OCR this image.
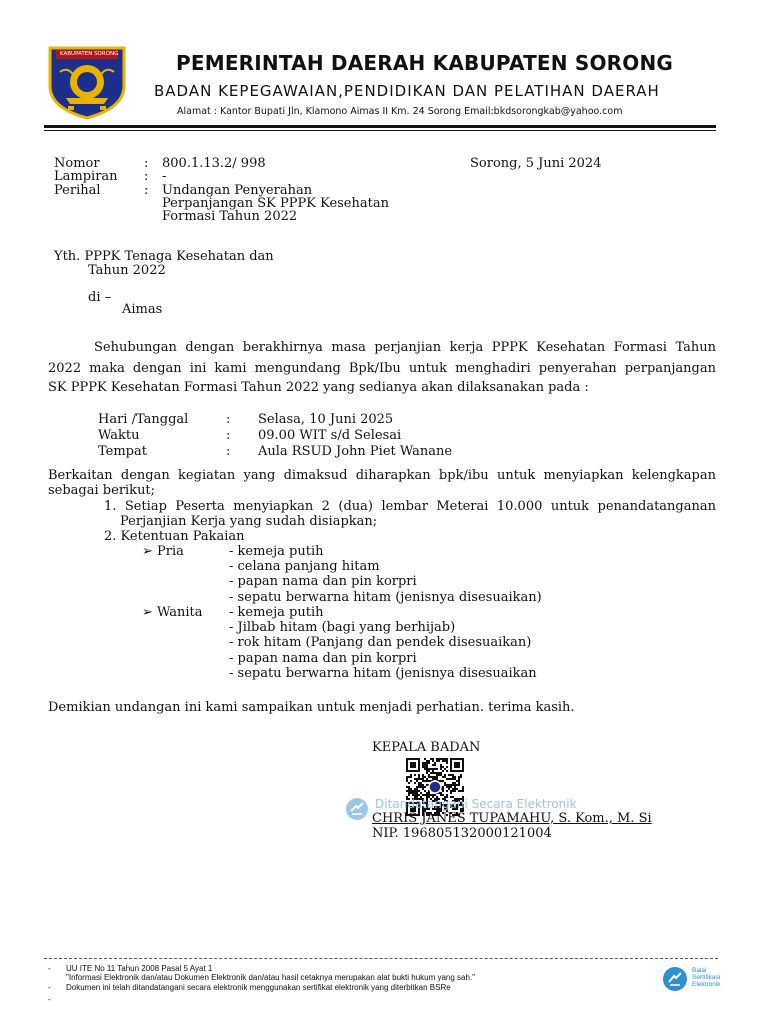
KABUPATEN SORONG	PEMERINTAH DAERAH KABUPATEN SORONG
BADAN KEPEGAWAIAN,PENDIDIKAN DAN PELATIHAN DAERAH
Alamat : Kantor Bupati Jln, Klamono Aimas II Km. 24 Sorong Email:bkdsorongkab@yahoo.com
Nomor	: 800.1.13.2/ 998	Sorong, 5 Juni 2024
Lampiran : -
Perihal	: Undangan Penyerahan
Perpanjangan SK PPPK Kesehatan
Formasi Tahun 2022
Yth. PPPK Tenaga Kesehatan dan
Tahun 2022
di –
Aimas
Sehubungan dengan berakhirnya masa perjanjian kerja PPPK Kesehatan Formasi Tahun
2022 maka dengan ini kami mengundang Bpk/Ibu untuk menghadiri penyerahan perpanjangan
SK PPPK Kesehatan Formasi Tahun 2022 yang sedianya akan dilaksanakan pada :
Hari /Tanggal	: Selasa, 10 Juni 2025
Waktu	: 09.00 WIT s/d Selesai
Tempat	: Aula RSUD John Piet Wanane
Berkaitan dengan kegiatan yang dimaksud diharapkan bpk/ibu untuk menyiapkan kelengkapan
sebagai berikut;
1. Setiap Peserta menyiapkan 2 (dua) lembar Meterai 10.000 untuk penandatanganan
Perjanjian Kerja yang sudah disiapkan;
2. Ketentuan Pakaian
➢ Pria	- kemeja putih
- celana panjang hitam
- papan nama dan pin korpri
- sepatu berwarna hitam (jenisnya disesuaikan)
➢ Wanita - kemeja putih
- Jilbab hitam (bagi yang berhijab)
- rok hitam (Panjang dan pendek disesuaikan)
- papan nama dan pin korpri
- sepatu berwarna hitam (jenisnya disesuaikan
Demikian undangan ini kami sampaikan untuk menjadi perhatian. terima kasih.
KEPALA BADAN
Ditandatangani Secara Elektronik
CHRIS JANES TUPAMAHU, S. Kom., M. Si
NIP. 196805132000121004
- UU ITE No 11 Tahun 2008 Pasal 5 Ayat 1
"Informasi Elektronik dan/atau Dokumen Elektronik dan/atau hasil cetaknya merupakan alat bukti hukum yang sah."
- Dokumen ini telah ditandatangani secara elektronik menggunakan sertifikat elektronik yang diterbitkan BSRe
-
Balai
Sertifikasi
Elektronik
